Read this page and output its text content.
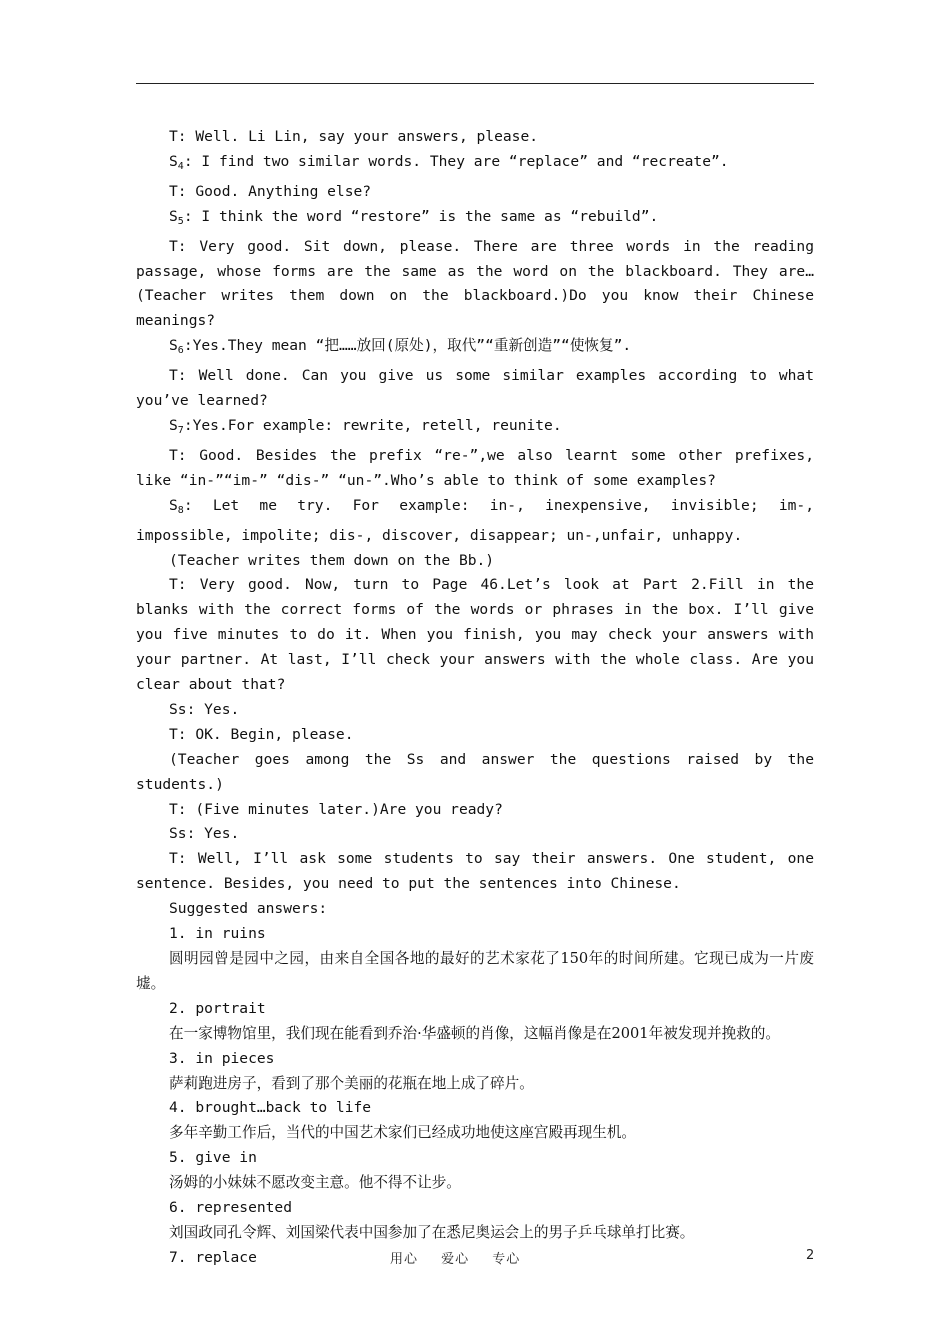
T: Well. Li Lin, say your answers, please.

$S_4$: I find two similar words. They are “replace” and “recreate”.

T: Good. Anything else?

$S_5$: I think the word “restore” is the same as “rebuild”.

T: Very good. Sit down, please. There are three words in the reading passage, whose forms are the same as the word on the blackboard. They are…(Teacher writes them down on the blackboard.)Do you know their Chinese meanings?

$S_6:Yes.They$ mean “把……放回(原处)，取代”“重新创造”“使恢复”.

T: Well done. Can you give us some similar examples according to what you’ve learned?

$S_7:Yes.For$ example: rewrite, retell, reunite.

T: Good. Besides the prefix “re-”,we also learnt some other prefixes, like “in-”“im-” “dis-” “un-”.Who’s able to think of some examples?

$S_8$: Let me try. For example: in-, inexpensive, invisible; im-, impossible, impolite; dis-, discover, disappear; un-,unfair, unhappy.

(Teacher writes them down on the Bb.)

T: Very good. Now, turn to Page 46.Let’s look at Part 2.Fill in the blanks with the correct forms of the words or phrases in the box. I’ll give you five minutes to do it. When you finish, you may check your answers with your partner. At last, I’ll check your answers with the whole class. Are you clear about that?

Ss: Yes.

T: OK. Begin, please.

(Teacher goes among the Ss and answer the questions raised by the students.)

T: (Five minutes later.)Are you ready?

Ss: Yes.

T: Well, I’ll ask some students to say their answers. One student, one sentence. Besides, you need to put the sentences into Chinese.

Suggested answers:

1. in ruins

圆明园曾是园中之园，由来自全国各地的最好的艺术家花了150年的时间所建。它现已成为一片废墟。

2. portrait

在一家博物馆里，我们现在能看到乔治·华盛顿的肖像，这幅肖像是在2001年被发现并挽救的。

3. in pieces

萨莉跑进房子，看到了那个美丽的花瓶在地上成了碎片。

4. brought…back to life

多年辛勤工作后，当代的中国艺术家们已经成功地使这座宫殿再现生机。

5. give in

汤姆的小妹妹不愿改变主意。他不得不让步。

6. represented

刘国政同孔令辉、刘国梁代表中国参加了在悉尼奥运会上的男子乒乓球单打比赛。

7. replace	用心 爱心 专心	2
